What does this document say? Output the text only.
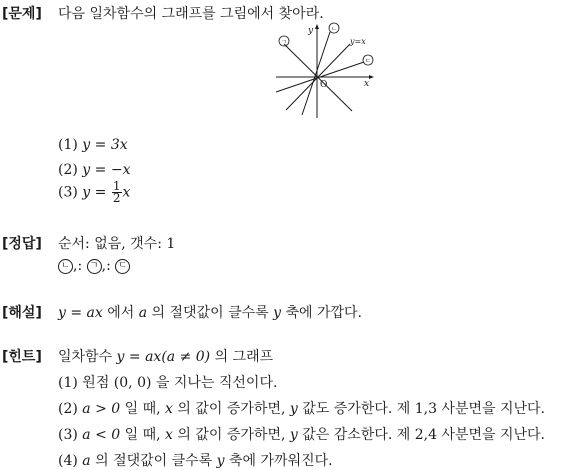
[문제] 다음 일차함수의 그래프를 그림에서 찾아라.
y
x
O
y=x
ㄱ
ㄴ
ㄷ
(1) y = 3x
(2) y = −x
(3) $y = \frac{1}{2}$ x
[정답] 순서: 없음, 갯수: 1
ㄴ ,: ㄱ ,: ㄷ
[해설] y = ax 에서 a 의 절댓값이 클수록 y 축에 가깝다.
[힌트] 일차함수 y = ax(a ≠ 0) 의 그래프
(1) 원점 (0, 0) 을 지나는 직선이다.
(2) a > 0 일 때, x 의 값이 증가하면, y 값도 증가한다. 제 1,3 사분면을 지난다.
(3) a < 0 일 때, x 의 값이 증가하면, y 값은 감소한다. 제 2,4 사분면을 지난다.
(4) a 의 절댓값이 클수록 y 축에 가까워진다.
